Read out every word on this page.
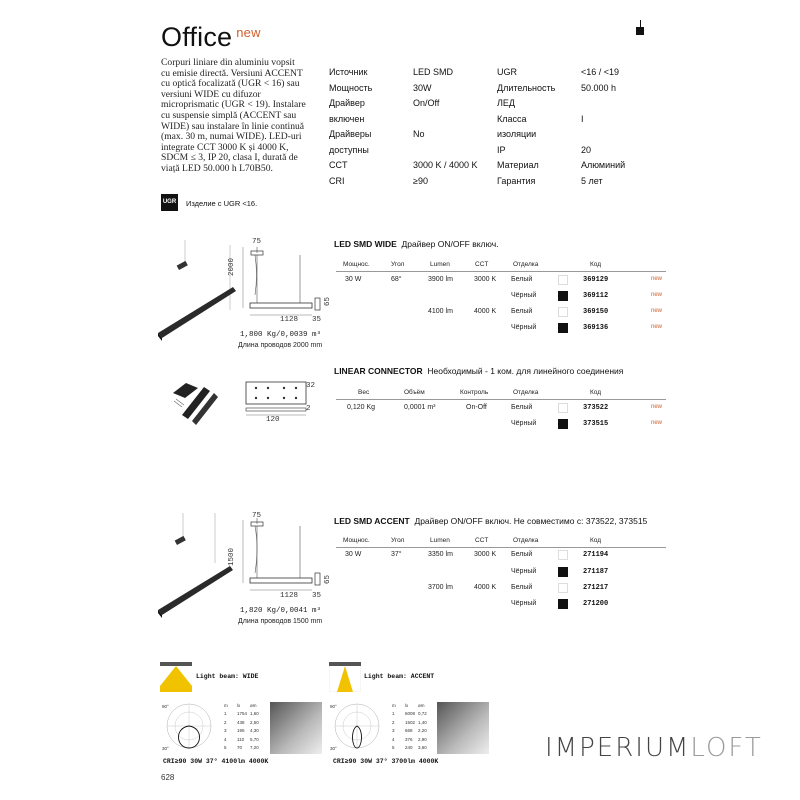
Office $^{new}$
Corpuri liniare din aluminiu vopsit cu emisie directă. Versiuni ACCENT cu optică focalizată (UGR < 16) sau versiuni WIDE cu difuzor microprismatic (UGR < 19). Instalare cu suspensie simplă (ACCENT sau WIDE) sau instalare în linie continuă (max. 30 m, numai WIDE). LED-uri integrate CCT 3000 K și 4000 K, SDCM ≤ 3, IP 20, clasa I, durată de viață LED 50.000 h L70B50.
Источник	LED SMD
Мощность	30W
Драйвер	On/Off
включен
Драйверы	No
доступны
CCT	3000 K / 4000 K
CRI	≥90
UGR	<16 / <19
Длительность	50.000 h
ЛЕД
Класса	I
изоляции
IP	20
Материал	Алюминий
Гарантия	5 лет
UGR Изделие с UGR <16.
75
2000
1128 35
65
1,800 Kg/0,0039 m³
Длина проводов 2000 mm
LED SMD WIDE Драйвер ON/OFF включ.
Мощнос.	Угол	Lumen	CCT	Отделка	Код
30 W	68°	3900 lm	3000 K Белый	369129	new
Чёрный	369112	new
4100 lm	4000 K Белый	369150	new
Чёрный	369136	new
32
2
120
LINEAR CONNECTOR Необходимый - 1 ком. для линейного соединения
Вес	Объём	Контроль	Отделка	Код
0,120 Kg	0,0001 m³	On-Off	Белый	373522	new
Чёрный	373515	new
75
1500
1128 35
65
1,820 Kg/0,0041 m³
Длина проводов 1500 mm
LED SMD ACCENT Драйвер ON/OFF включ. Не совместимо с: 373522, 373515
Мощнос.	Угол	Lumen	CCT	Отделка	Код
30 W	37°	3350 lm	3000 K Белый	271194
Чёрный	271187
3700 lm	4000 K Белый	271217
Чёрный	271200
Light beam: WIDE
90°
30°
m lx øm
1 1754 1,60
2 438 2,50
3 195 4,30
4 110 5,70
5 70 7,20
CRI≥90 30W 37° 4100lm 4000K
Light beam: ACCENT
90°
30°
m lx øm
1 6008 0,72
2 1502 1,40
3 668 2,20
4 376 2,90
5 240 3,60
CRI≥90 30W 37° 3700lm 4000K	IMPERIUMLOFT
628
